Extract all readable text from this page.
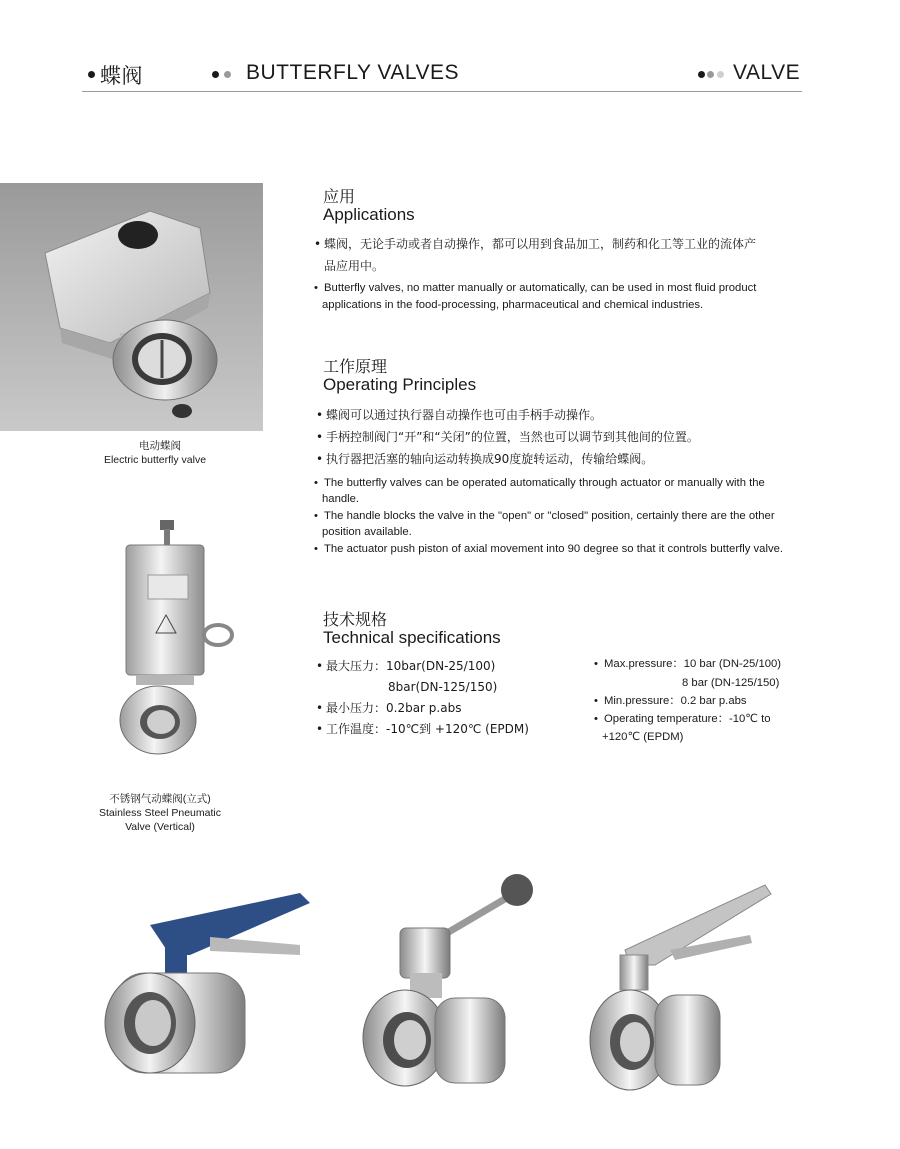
蝶阀	BUTTERFLY VALVES	VALVE
电动蝶阀
Electric butterfly valve
不锈钢气动蝶阀(立式)
Stainless Steel Pneumatic
Valve (Vertical)
应用
Applications
• 蝶阀，无论手动或者自动操作，都可以用到食品加工，制药和化工等工业的流体产
品应用中。
• Butterfly valves, no matter manually or automatically, can be used in most fluid product
applications in the food-processing, pharmaceutical and chemical industries.
工作原理
Operating Principles
• 蝶阀可以通过执行器自动操作也可由手柄手动操作。
• 手柄控制阀门“开”和“关闭”的位置，当然也可以调节到其他间的位置。
• 执行器把活塞的轴向运动转换成90度旋转运动，传输给蝶阀。
• The butterfly valves can be operated automatically through actuator or manually with the
handle.
• The handle blocks the valve in the "open" or "closed" position, certainly there are the other
position available.
• The actuator push piston of axial movement into 90 degree so that it controls butterfly valve.
技术规格
Technical specifications
• 最大压力：10bar(DN-25/100)
8bar(DN-125/150)
• 最小压力：0.2bar p.abs
• 工作温度：-10℃到 +120℃ (EPDM)
• Max.pressure：10 bar (DN-25/100)
8 bar (DN-125/150)
• Min.pressure：0.2 bar p.abs
• Operating temperature：-10℃ to
+120℃ (EPDM)
